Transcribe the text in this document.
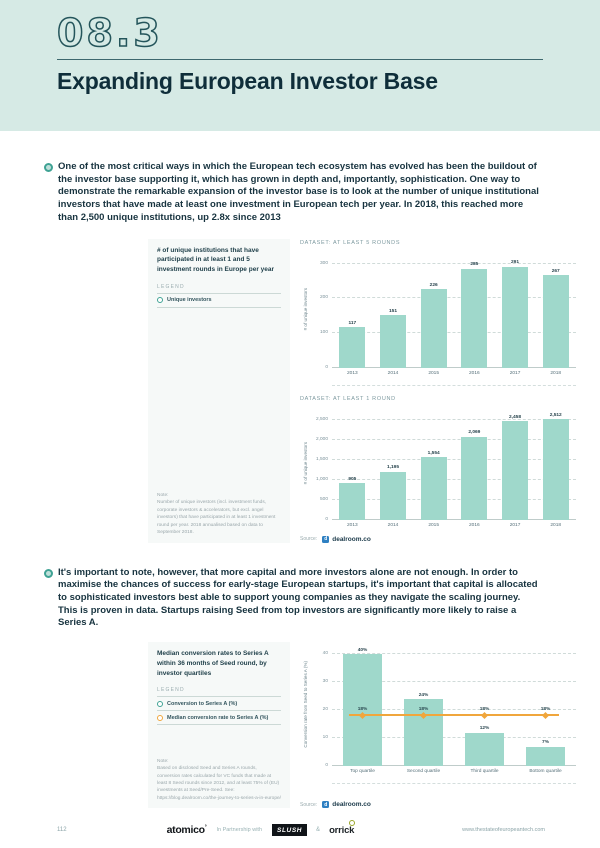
08.3
Expanding European Investor Base
One of the most critical ways in which the European tech ecosystem has evolved has been the buildout of the investor base supporting it, which has grown in depth and, importantly, sophistication. One way to demonstrate the remarkable expansion of the investor base is to look at the number of unique institutional investors that have made at least one investment in European tech per year. In 2018, this reached more than 2,500 unique institutions, up 2.8x since 2013
# of unique institutions that have participated in at least 1 and 5 investment rounds in Europe per year
LEGEND
Unique investors
Note:
Number of unique investors (incl. investment funds, corporate investors & accelerators, but excl. angel investors) that have participated in at least 1 investment round per year. 2018 annualised based on data to September 2018.
DATASET: AT LEAST 5 ROUNDS
# of unique investors
300
200
100
0
117
151
226
285	291
267
2013	2014	2015	2016	2017	2018
DATASET: AT LEAST 1 ROUND
# of unique investors
2,500
2,000
1,500
1,000
500
0
905
1,195
1,554
2,069
2,458	2,512
2013	2014	2015	2016	2017	2018
Source:	d dealroom.co
It's important to note, however, that more capital and more investors alone are not enough. In order to maximise the chances of success for early-stage European startups, it's important that capital is allocated to sophisticated investors best able to support young companies as they navigate the scaling journey. This is proven in data. Startups raising Seed from top investors are significantly more likely to raise a Series A.
Median conversion rates to Series A within 36 months of Seed round, by investor quartiles
LEGEND
Conversion to Series A (%)
Median conversion rate to Series A (%)
Note:
Based on disclosed Seed and Series A rounds, conversion rates calculated for VC funds that made at least 8 Seed rounds since 2012, and at least 75% of (EU) investments at Seed/Pre-Seed. See: https://blog.dealroom.co/the-journey-to-series-a-in-europe/
Conversion rate from Seed to Series A (%)
40
30
20
10
0
40%
18%
24%
18%
12%
18%
7%
18%
Top quartile	Second quartile	Third quartile	Bottom quartile
Source:	d dealroom.co
112	atomico° In Partnership with	SLUSH	& orrick	www.thestateofeuropeantech.com
